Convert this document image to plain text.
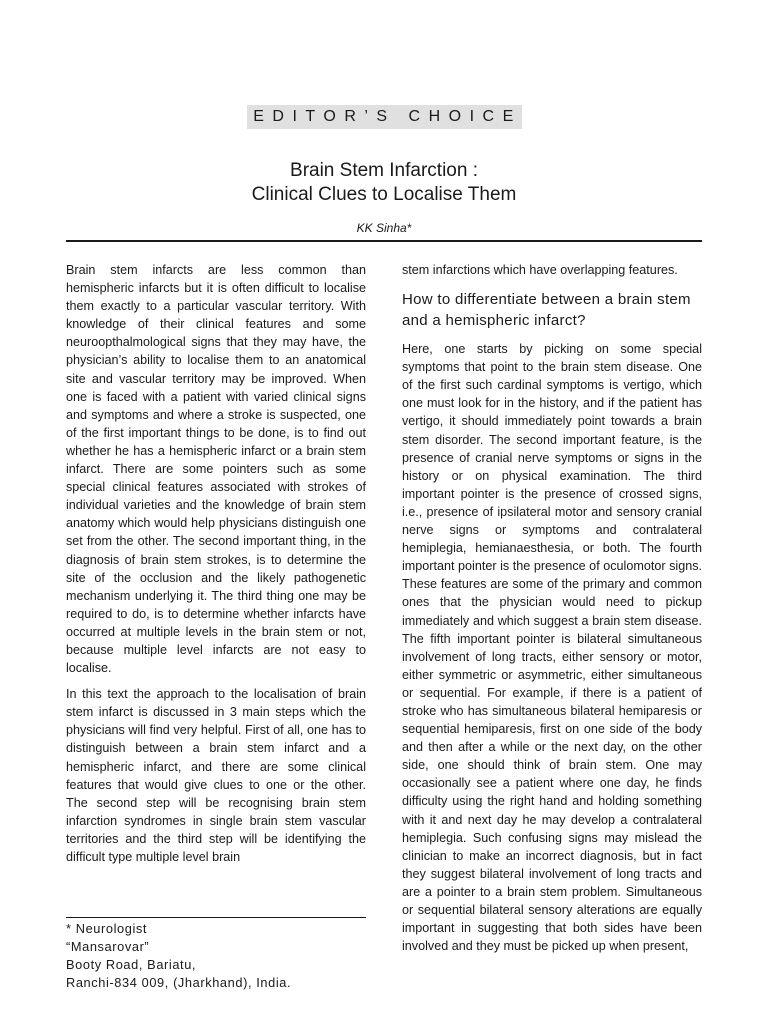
EDITOR’S CHOICE
Brain Stem Infarction :
Clinical Clues to Localise Them
KK Sinha*

Brain stem infarcts are less common than hemispheric infarcts but it is often difficult to localise them exactly to a particular vascular territory. With knowledge of their clinical features and some neuroopthalmological signs that they may have, the physician’s ability to localise them to an anatomical site and vascular territory may be improved. When one is faced with a patient with varied clinical signs and symptoms and where a stroke is suspected, one of the first important things to be done, is to find out whether he has a hemispheric infarct or a brain stem infarct. There are some pointers such as some special clinical features associated with strokes of individual varieties and the knowledge of brain stem anatomy which would help physicians distinguish one set from the other. The second important thing, in the diagnosis of brain stem strokes, is to determine the site of the occlusion and the likely pathogenetic mechanism underlying it. The third thing one may be required to do, is to determine whether infarcts have occurred at multiple levels in the brain stem or not, because multiple level infarcts are not easy to localise.

In this text the approach to the localisation of brain stem infarct is discussed in 3 main steps which the physicians will find very helpful. First of all, one has to distinguish between a brain stem infarct and a hemispheric infarct, and there are some clinical features that would give clues to one or the other. The second step will be recognising brain stem infarction syndromes in single brain stem vascular territories and the third step will be identifying the difficult type multiple level brain

* Neurologist
“Mansarovar”
Booty Road, Bariatu,
Ranchi-834 009, (Jharkhand), India.

stem infarctions which have overlapping features.

How to differentiate between a brain stem and a hemispheric infarct?

Here, one starts by picking on some special symptoms that point to the brain stem disease. One of the first such cardinal symptoms is vertigo, which one must look for in the history, and if the patient has vertigo, it should immediately point towards a brain stem disorder. The second important feature, is the presence of cranial nerve symptoms or signs in the history or on physical examination. The third important pointer is the presence of crossed signs, i.e., presence of ipsilateral motor and sensory cranial nerve signs or symptoms and contralateral hemiplegia, hemianaesthesia, or both. The fourth important pointer is the presence of oculomotor signs. These features are some of the primary and common ones that the physician would need to pickup immediately and which suggest a brain stem disease. The fifth important pointer is bilateral simultaneous involvement of long tracts, either sensory or motor, either symmetric or asymmetric, either simultaneous or sequential. For example, if there is a patient of stroke who has simultaneous bilateral hemiparesis or sequential hemiparesis, first on one side of the body and then after a while or the next day, on the other side, one should think of brain stem. One may occasionally see a patient where one day, he finds difficulty using the right hand and holding something with it and next day he may develop a contralateral hemiplegia. Such confusing signs may mislead the clinician to make an incorrect diagnosis, but in fact they suggest bilateral involvement of long tracts and are a pointer to a brain stem problem. Simultaneous or sequential bilateral sensory alterations are equally important in suggesting that both sides have been involved and they must be picked up when present,
